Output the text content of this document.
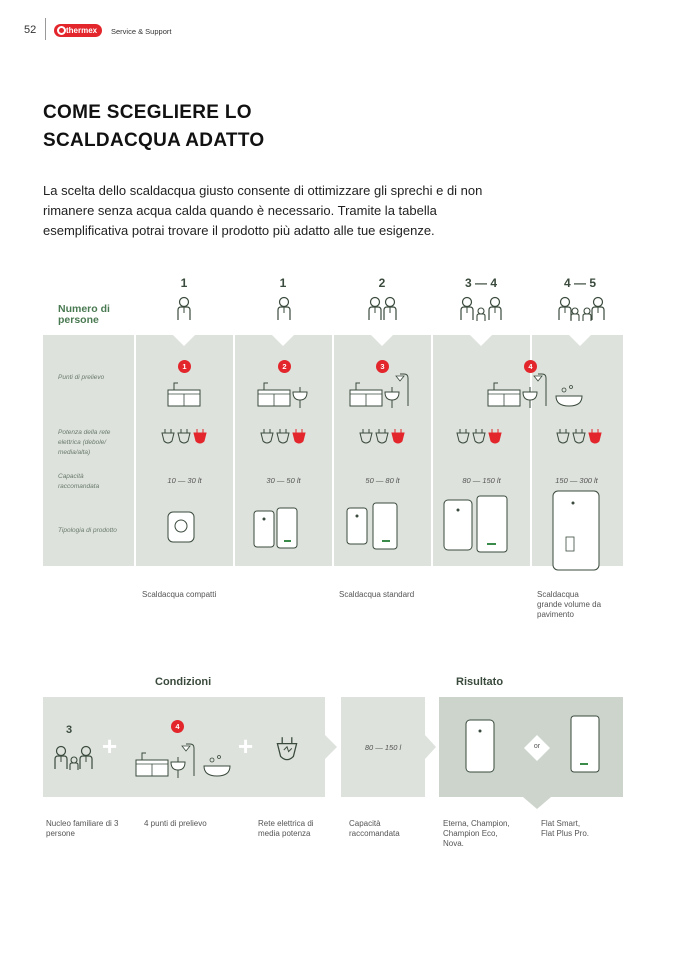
52	thermex	Service & Support
COME SCEGLIERE LO
SCALDACQUA ADATTO
La scelta dello scaldacqua giusto consente di ottimizzare gli sprechi e di non rimanere senza acqua calda quando è necessario. Tramite la tabella esemplificativa potrai trovare il prodotto più adatto alle tue esigenze.
Numero di
persone
1	1	2	3 — 4	4 — 5
Punti di prelievo
Potenza della rete elettrica (debole/ media/alta)
Capacità raccomandata
Tipologia di prodotto
1	2	3	4
10 — 30 lt	30 — 50 lt	50 — 80 lt	80 — 150 lt	150 — 300 lt
Scaldacqua compatti	Scaldacqua standard	Scaldacqua
grande volume da
pavimento
Condizioni	Risultato
+	+
3	4
80 — 150 l	or
Nucleo familiare di 3
persone
4 punti di prelievo	Rete elettrica di
media potenza
Capacità
raccomandata
Eterna, Champion,
Champion Eco,
Nova.
Flat Smart,
Flat Plus Pro.
